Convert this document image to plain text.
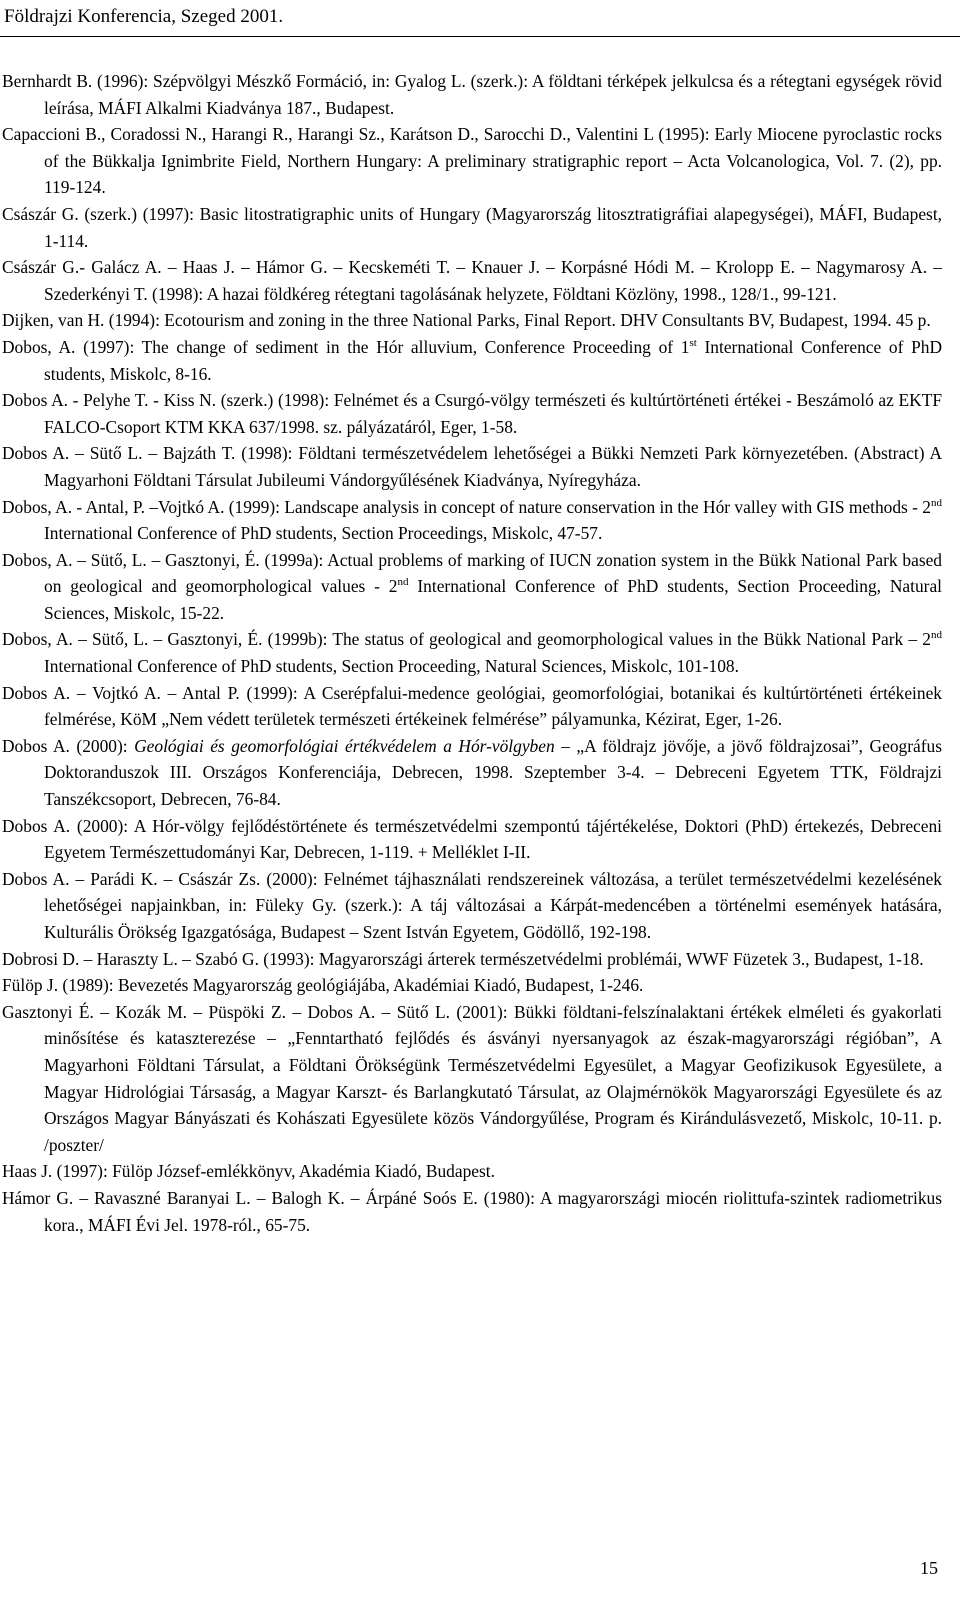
Földrajzi Konferencia, Szeged 2001.
Bernhardt B. (1996): Szépvölgyi Mészkő Formáció, in: Gyalog L. (szerk.): A földtani térképek jelkulcsa és a rétegtani egységek rövid leírása, MÁFI Alkalmi Kiadványa 187., Budapest.
Capaccioni B., Coradossi N., Harangi R., Harangi Sz., Karátson D., Sarocchi D., Valentini L (1995): Early Miocene pyroclastic rocks of the Bükkalja Ignimbrite Field, Northern Hungary: A preliminary stratigraphic report – Acta Volcanologica, Vol. 7. (2), pp. 119-124.
Császár G. (szerk.) (1997): Basic litostratigraphic units of Hungary (Magyarország litosztratigráfiai alapegységei), MÁFI, Budapest, 1-114.
Császár G.- Galácz A. – Haas J. – Hámor G. – Kecskeméti T. – Knauer J. – Korpásné Hódi M. – Krolopp E. – Nagymarosy A. – Szederkényi T. (1998): A hazai földkéreg rétegtani tagolásának helyzete, Földtani Közlöny, 1998., 128/1., 99-121.
Dijken, van H. (1994): Ecotourism and zoning in the three National Parks, Final Report. DHV Consultants BV, Budapest, 1994. 45 p.
Dobos, A. (1997): The change of sediment in the Hór alluvium, Conference Proceeding of 1st International Conference of PhD students, Miskolc, 8-16.
Dobos A. - Pelyhe T. - Kiss N. (szerk.) (1998): Felnémet és a Csurgó-völgy természeti és kultúrtörténeti értékei - Beszámoló az EKTF FALCO-Csoport KTM KKA 637/1998. sz. pályázatáról, Eger, 1-58.
Dobos A. – Sütő L. – Bajzáth T. (1998): Földtani természetvédelem lehetőségei a Bükki Nemzeti Park környezetében. (Abstract) A Magyarhoni Földtani Társulat Jubileumi Vándorgyűlésének Kiadványa, Nyíregyháza.
Dobos, A. - Antal, P. –Vojtkó A. (1999): Landscape analysis in concept of nature conservation in the Hór valley with GIS methods - 2nd International Conference of PhD students, Section Proceedings, Miskolc, 47-57.
Dobos, A. – Sütő, L. – Gasztonyi, É. (1999a): Actual problems of marking of IUCN zonation system in the Bükk National Park based on geological and geomorphological values - 2nd International Conference of PhD students, Section Proceeding, Natural Sciences, Miskolc, 15-22.
Dobos, A. – Sütő, L. – Gasztonyi, É. (1999b): The status of geological and geomorphological values in the Bükk National Park – 2nd International Conference of PhD students, Section Proceeding, Natural Sciences, Miskolc, 101-108.
Dobos A. – Vojtkó A. – Antal P. (1999): A Cserépfalui-medence geológiai, geomorfológiai, botanikai és kultúrtörténeti értékeinek felmérése, KöM „Nem védett területek természeti értékeinek felmérése” pályamunka, Kézirat, Eger, 1-26.
Dobos A. (2000): Geológiai és geomorfológiai értékvédelem a Hór-völgyben – „A földrajz jövője, a jövő földrajzosai”, Geográfus Doktoranduszok III. Országos Konferenciája, Debrecen, 1998. Szeptember 3-4. – Debreceni Egyetem TTK, Földrajzi Tanszékcsoport, Debrecen, 76-84.
Dobos A. (2000): A Hór-völgy fejlődéstörténete és természetvédelmi szempontú tájértékelése, Doktori (PhD) értekezés, Debreceni Egyetem Természettudományi Kar, Debrecen, 1-119. + Melléklet I-II.
Dobos A. – Parádi K. – Császár Zs. (2000): Felnémet tájhasználati rendszereinek változása, a terület természetvédelmi kezelésének lehetőségei napjainkban, in: Füleky Gy. (szerk.): A táj változásai a Kárpát-medencében a történelmi események hatására, Kulturális Örökség Igazgatósága, Budapest – Szent István Egyetem, Gödöllő, 192-198.
Dobrosi D. – Haraszty L. – Szabó G. (1993): Magyarországi árterek természetvédelmi problémái, WWF Füzetek 3., Budapest, 1-18.
Fülöp J. (1989): Bevezetés Magyarország geológiájába, Akadémiai Kiadó, Budapest, 1-246.
Gasztonyi É. – Kozák M. – Püspöki Z. – Dobos A. – Sütő L. (2001): Bükki földtani-felszínalaktani értékek elméleti és gyakorlati minősítése és kataszterezése – „Fenntartható fejlődés és ásványi nyersanyagok az észak-magyarországi régióban”, A Magyarhoni Földtani Társulat, a Földtani Örökségünk Természetvédelmi Egyesület, a Magyar Geofizikusok Egyesülete, a Magyar Hidrológiai Társaság, a Magyar Karszt- és Barlangkutató Társulat, az Olajmérnökök Magyarországi Egyesülete és az Országos Magyar Bányászati és Kohászati Egyesülete közös Vándorgyűlése, Program és Kirándulásvezető, Miskolc, 10-11. p. /poszter/
Haas J. (1997): Fülöp József-emlékkönyv, Akadémia Kiadó, Budapest.
Hámor G. – Ravaszné Baranyai L. – Balogh K. – Árpáné Soós E. (1980): A magyarországi miocén riolittufa-szintek radiometrikus kora., MÁFI Évi Jel. 1978-ról., 65-75.
15
